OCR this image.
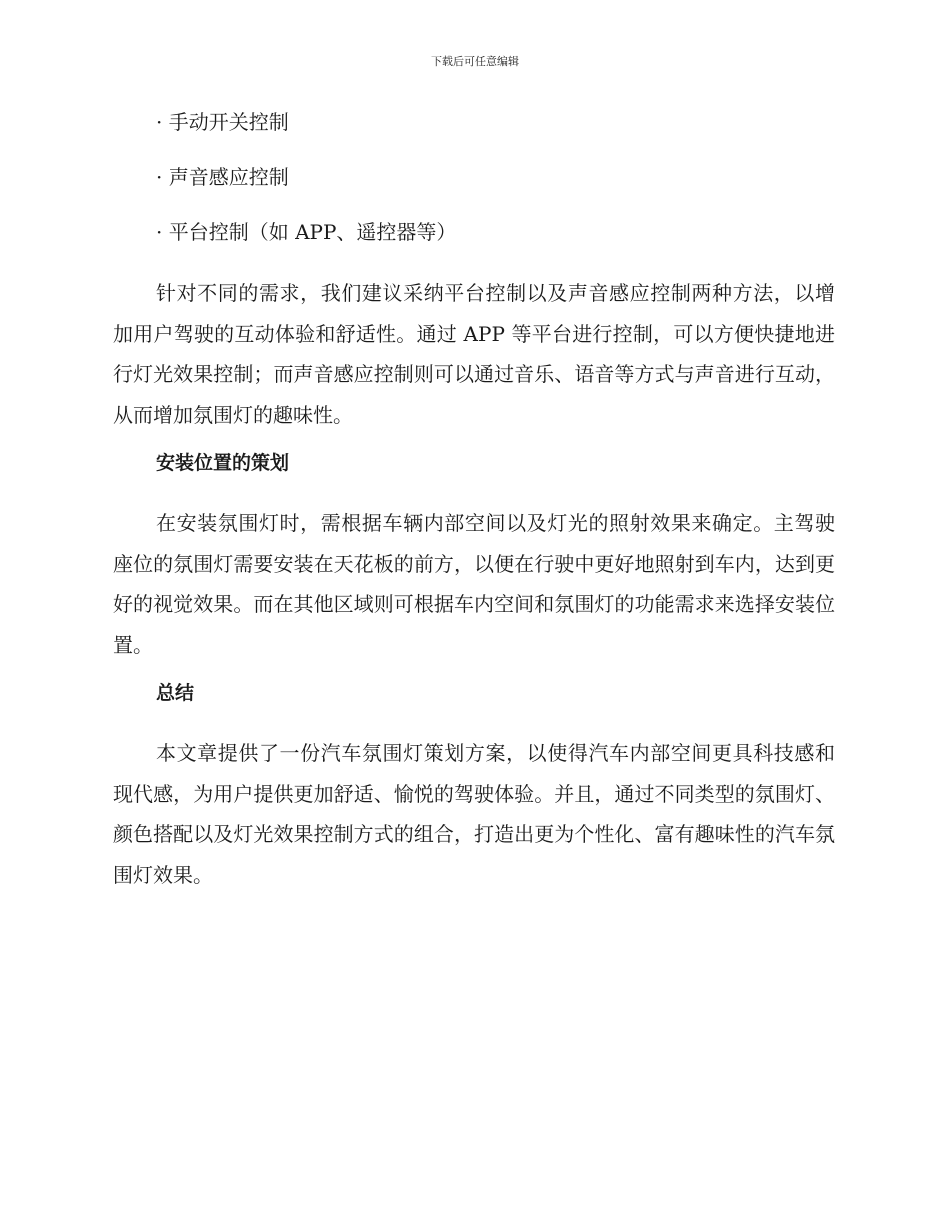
下载后可任意编辑
· 手动开关控制
· 声音感应控制
· 平台控制（如 APP、遥控器等）

针对不同的需求，我们建议采纳平台控制以及声音感应控制两种方法，以增加用户驾驶的互动体验和舒适性。通过 APP 等平台进行控制，可以方便快捷地进行灯光效果控制；而声音感应控制则可以通过音乐、语音等方式与声音进行互动，从而增加氛围灯的趣味性。

安装位置的策划

在安装氛围灯时，需根据车辆内部空间以及灯光的照射效果来确定。主驾驶座位的氛围灯需要安装在天花板的前方，以便在行驶中更好地照射到车内，达到更好的视觉效果。而在其他区域则可根据车内空间和氛围灯的功能需求来选择安装位置。

总结

本文章提供了一份汽车氛围灯策划方案，以使得汽车内部空间更具科技感和现代感，为用户提供更加舒适、愉悦的驾驶体验。并且，通过不同类型的氛围灯、颜色搭配以及灯光效果控制方式的组合，打造出更为个性化、富有趣味性的汽车氛围灯效果。
